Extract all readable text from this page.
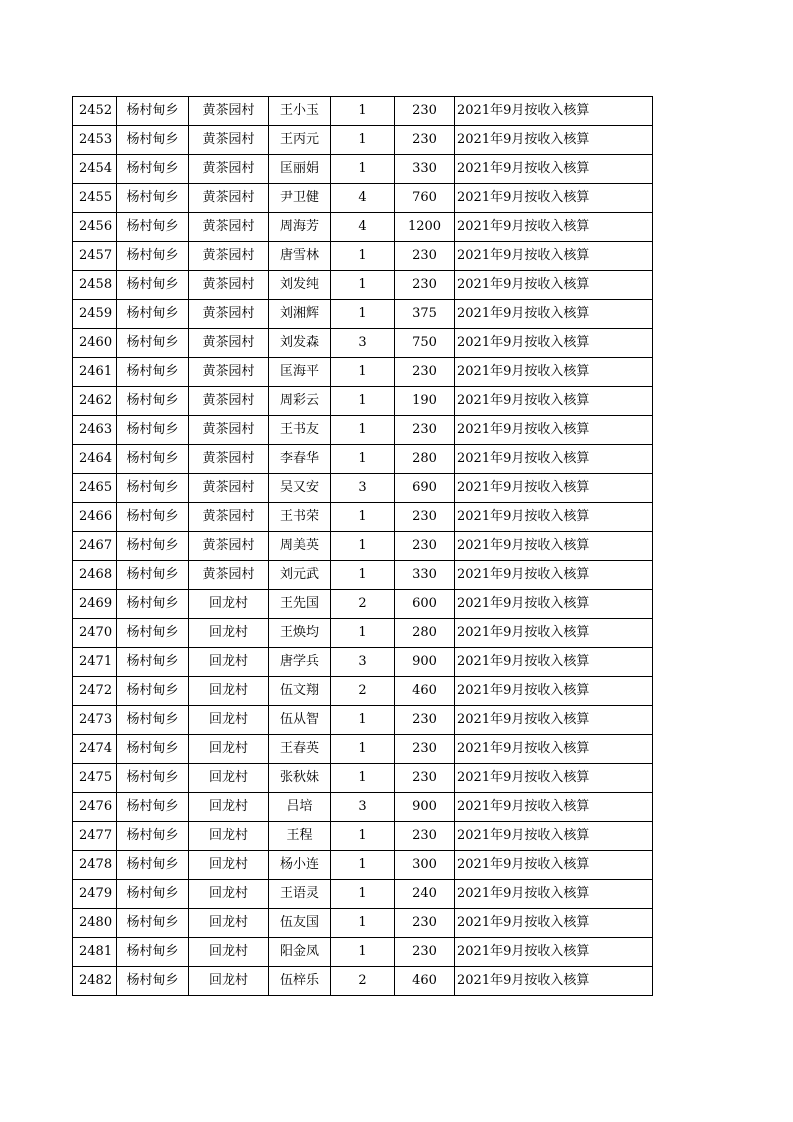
2452	杨村甸乡	黄茶园村	王小玉	1	230	2021年9月按收入核算
2453	杨村甸乡	黄茶园村	王丙元	1	230	2021年9月按收入核算
2454	杨村甸乡	黄茶园村	匡丽娟	1	330	2021年9月按收入核算
2455	杨村甸乡	黄茶园村	尹卫健	4	760	2021年9月按收入核算
2456	杨村甸乡	黄茶园村	周海芳	4	1200	2021年9月按收入核算
2457	杨村甸乡	黄茶园村	唐雪林	1	230	2021年9月按收入核算
2458	杨村甸乡	黄茶园村	刘发纯	1	230	2021年9月按收入核算
2459	杨村甸乡	黄茶园村	刘湘辉	1	375	2021年9月按收入核算
2460	杨村甸乡	黄茶园村	刘发森	3	750	2021年9月按收入核算
2461	杨村甸乡	黄茶园村	匡海平	1	230	2021年9月按收入核算
2462	杨村甸乡	黄茶园村	周彩云	1	190	2021年9月按收入核算
2463	杨村甸乡	黄茶园村	王书友	1	230	2021年9月按收入核算
2464	杨村甸乡	黄茶园村	李春华	1	280	2021年9月按收入核算
2465	杨村甸乡	黄茶园村	吴又安	3	690	2021年9月按收入核算
2466	杨村甸乡	黄茶园村	王书荣	1	230	2021年9月按收入核算
2467	杨村甸乡	黄茶园村	周美英	1	230	2021年9月按收入核算
2468	杨村甸乡	黄茶园村	刘元武	1	330	2021年9月按收入核算
2469	杨村甸乡	回龙村	王先国	2	600	2021年9月按收入核算
2470	杨村甸乡	回龙村	王焕均	1	280	2021年9月按收入核算
2471	杨村甸乡	回龙村	唐学兵	3	900	2021年9月按收入核算
2472	杨村甸乡	回龙村	伍文翔	2	460	2021年9月按收入核算
2473	杨村甸乡	回龙村	伍从智	1	230	2021年9月按收入核算
2474	杨村甸乡	回龙村	王春英	1	230	2021年9月按收入核算
2475	杨村甸乡	回龙村	张秋妹	1	230	2021年9月按收入核算
2476	杨村甸乡	回龙村	吕培	3	900	2021年9月按收入核算
2477	杨村甸乡	回龙村	王程	1	230	2021年9月按收入核算
2478	杨村甸乡	回龙村	杨小连	1	300	2021年9月按收入核算
2479	杨村甸乡	回龙村	王语灵	1	240	2021年9月按收入核算
2480	杨村甸乡	回龙村	伍友国	1	230	2021年9月按收入核算
2481	杨村甸乡	回龙村	阳金凤	1	230	2021年9月按收入核算
2482	杨村甸乡	回龙村	伍梓乐	2	460	2021年9月按收入核算
